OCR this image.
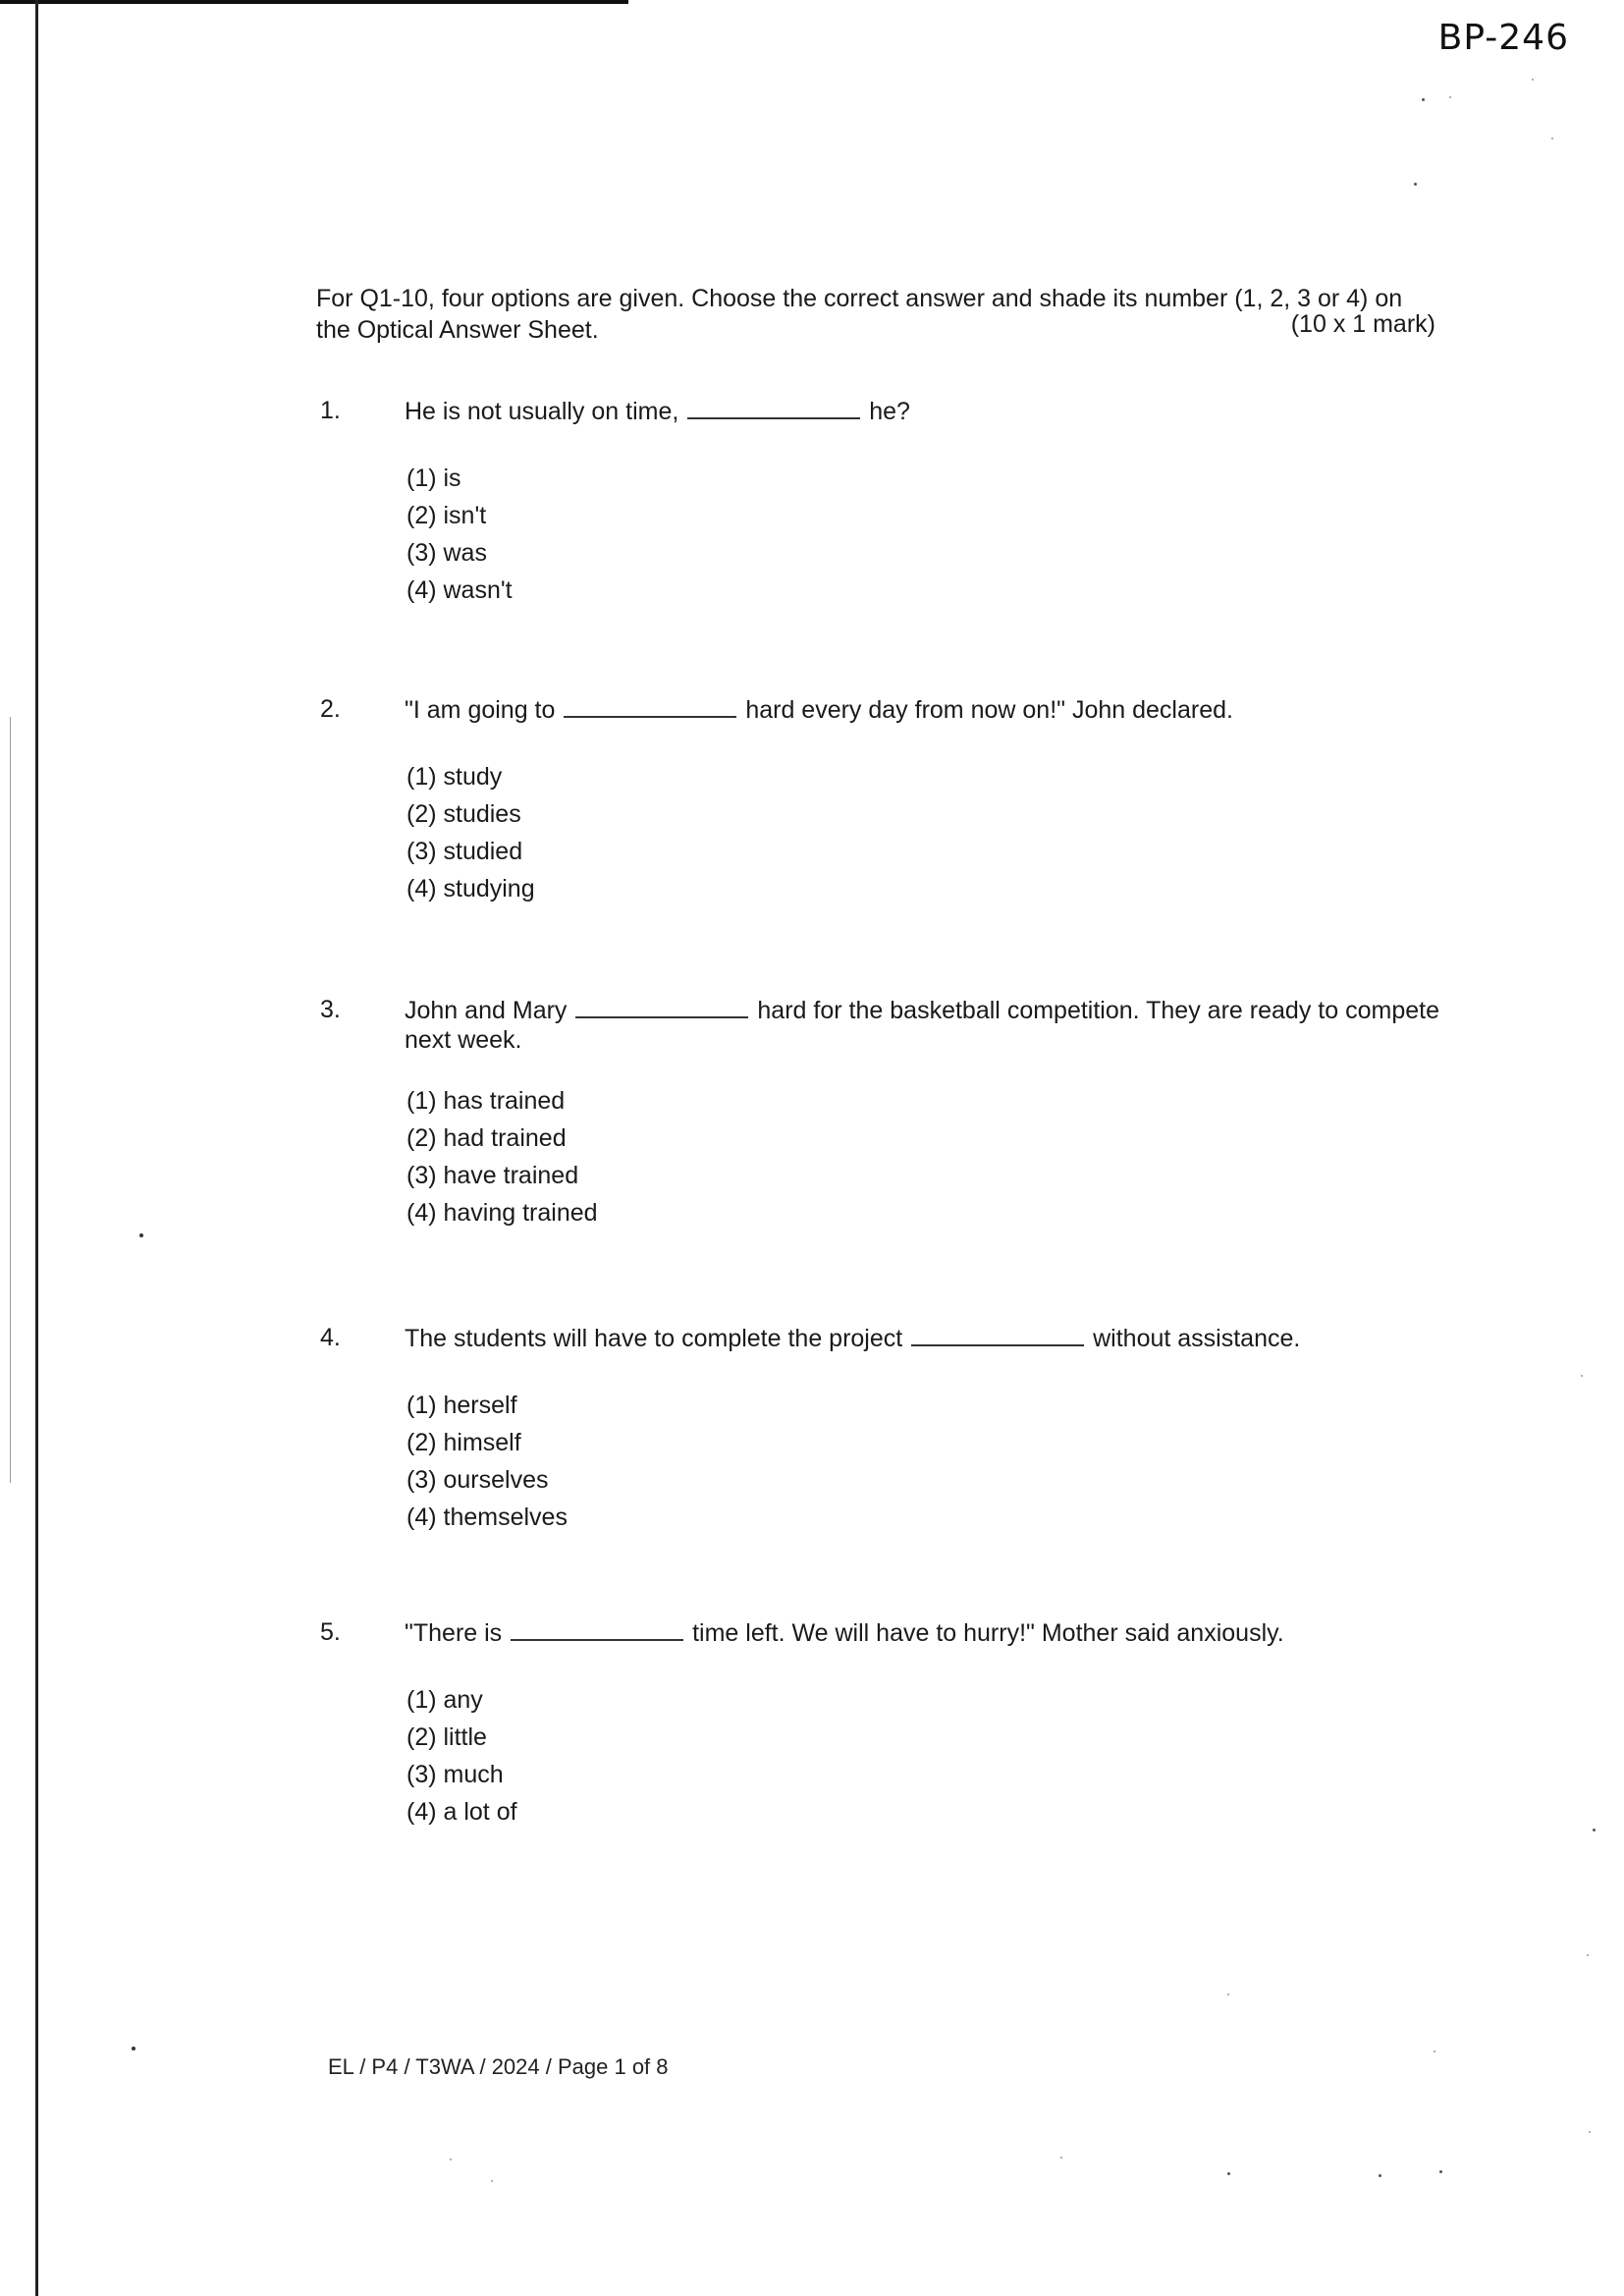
BP-246
For Q1-10, four options are given. Choose the correct answer and shade its number (1, 2, 3 or 4) on the Optical Answer Sheet.	(10 x 1 mark)
1.	He is not usually on time,	he?
(1) is
(2) isn't
(3) was
(4) wasn't
2.	"I am going to	hard every day from now on!" John declared.
(1) study
(2) studies
(3) studied
(4) studying
3.	John and Mary	hard for the basketball competition. They are ready to compete next week.
(1) has trained
(2) had trained
(3) have trained
(4) having trained
4.	The students will have to complete the project	without assistance.
(1) herself
(2) himself
(3) ourselves
(4) themselves
5.	"There is	time left. We will have to hurry!" Mother said anxiously.
(1) any
(2) little
(3) much
(4) a lot of
EL / P4 / T3WA / 2024 / Page 1 of 8
